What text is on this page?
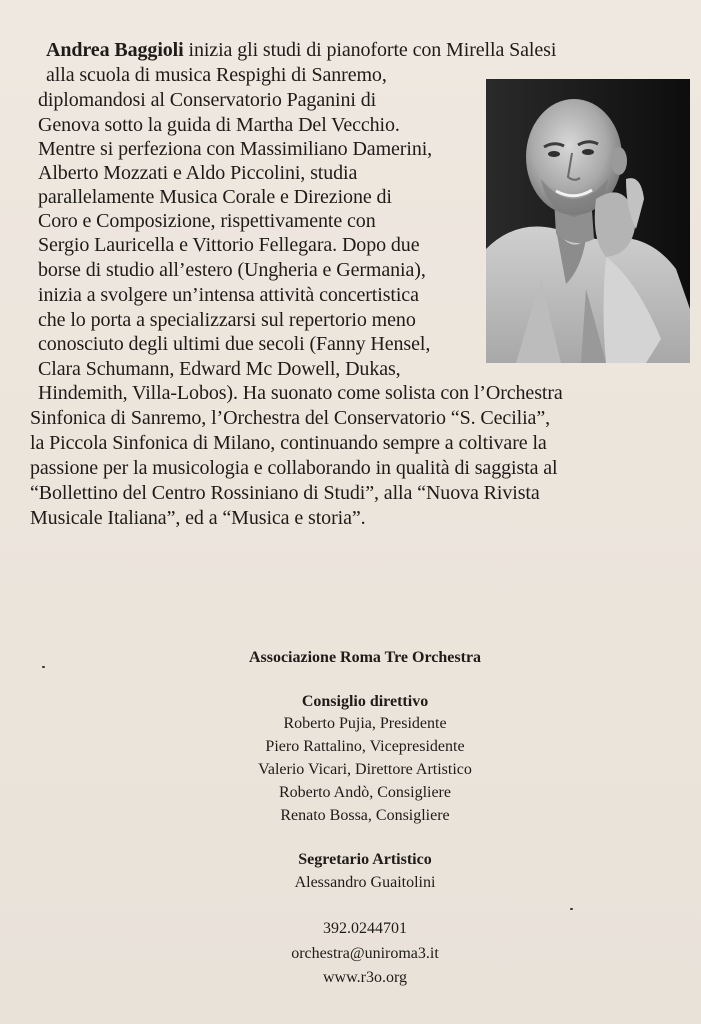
Andrea Baggioli inizia gli studi di pianoforte con Mirella Salesi
alla scuola di musica Respighi di Sanremo,
diplomandosi al Conservatorio Paganini di
Genova sotto la guida di Martha Del Vecchio.
Mentre si perfeziona con Massimiliano Damerini,
Alberto Mozzati e Aldo Piccolini, studia
parallelamente Musica Corale e Direzione di
Coro e Composizione, rispettivamente con
Sergio Lauricella e Vittorio Fellegara. Dopo due
borse di studio all’estero (Ungheria e Germania),
inizia a svolgere un’intensa attività concertistica
che lo porta a specializzarsi sul repertorio meno
conosciuto degli ultimi due secoli (Fanny Hensel,
Clara Schumann, Edward Mc Dowell, Dukas,
Hindemith, Villa-Lobos). Ha suonato come solista con l’Orchestra
Sinfonica di Sanremo, l’Orchestra del Conservatorio “S. Cecilia”,
la Piccola Sinfonica di Milano, continuando sempre a coltivare la
passione per la musicologia e collaborando in qualità di saggista al
“Bollettino del Centro Rossiniano di Studi”, alla “Nuova Rivista
Musicale Italiana”, ed a “Musica e storia”.
Associazione Roma Tre Orchestra
Consiglio direttivo
Roberto Pujia, Presidente
Piero Rattalino, Vicepresidente
Valerio Vicari, Direttore Artistico
Roberto Andò, Consigliere
Renato Bossa, Consigliere
Segretario Artistico
Alessandro Guaitolini
392.0244701
orchestra@uniroma3.it
www.r3o.org
